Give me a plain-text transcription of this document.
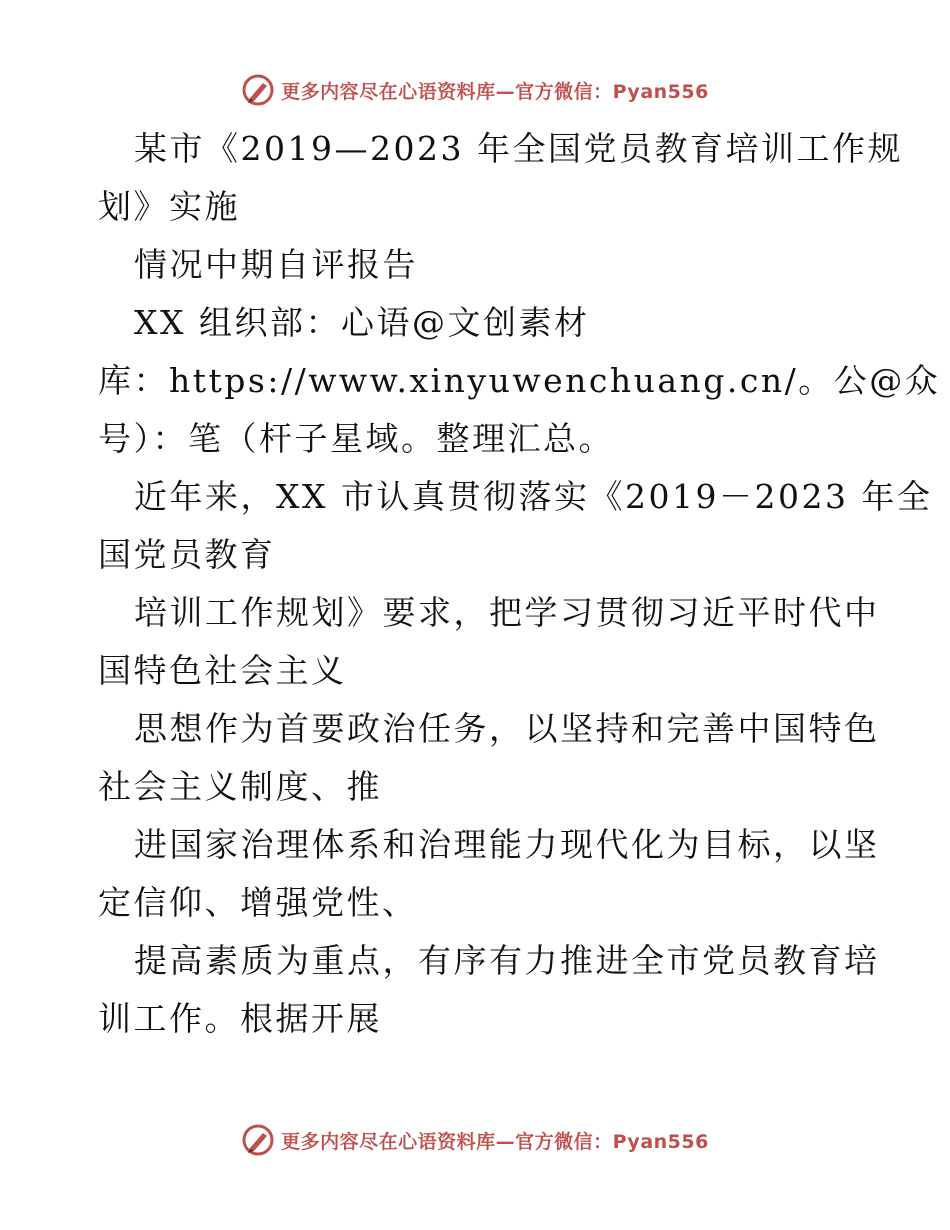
更多内容尽在心语资料库—官方微信：Pyan556
某市《2019—2023 年全国党员教育培训工作规
划》实施
情况中期自评报告
XX 组织部：心语@文创素材
库：https://www.xinyuwenchuang.cn/。公@众
号）：笔（杆子星域。整理汇总。
近年来，XX 市认真贯彻落实《2019－2023 年全
国党员教育
培训工作规划》要求，把学习贯彻习近平时代中
国特色社会主义
思想作为首要政治任务，以坚持和完善中国特色
社会主义制度、推
进国家治理体系和治理能力现代化为目标，以坚
定信仰、增强党性、
提高素质为重点，有序有力推进全市党员教育培
训工作。根据开展
更多内容尽在心语资料库—官方微信：Pyan556
